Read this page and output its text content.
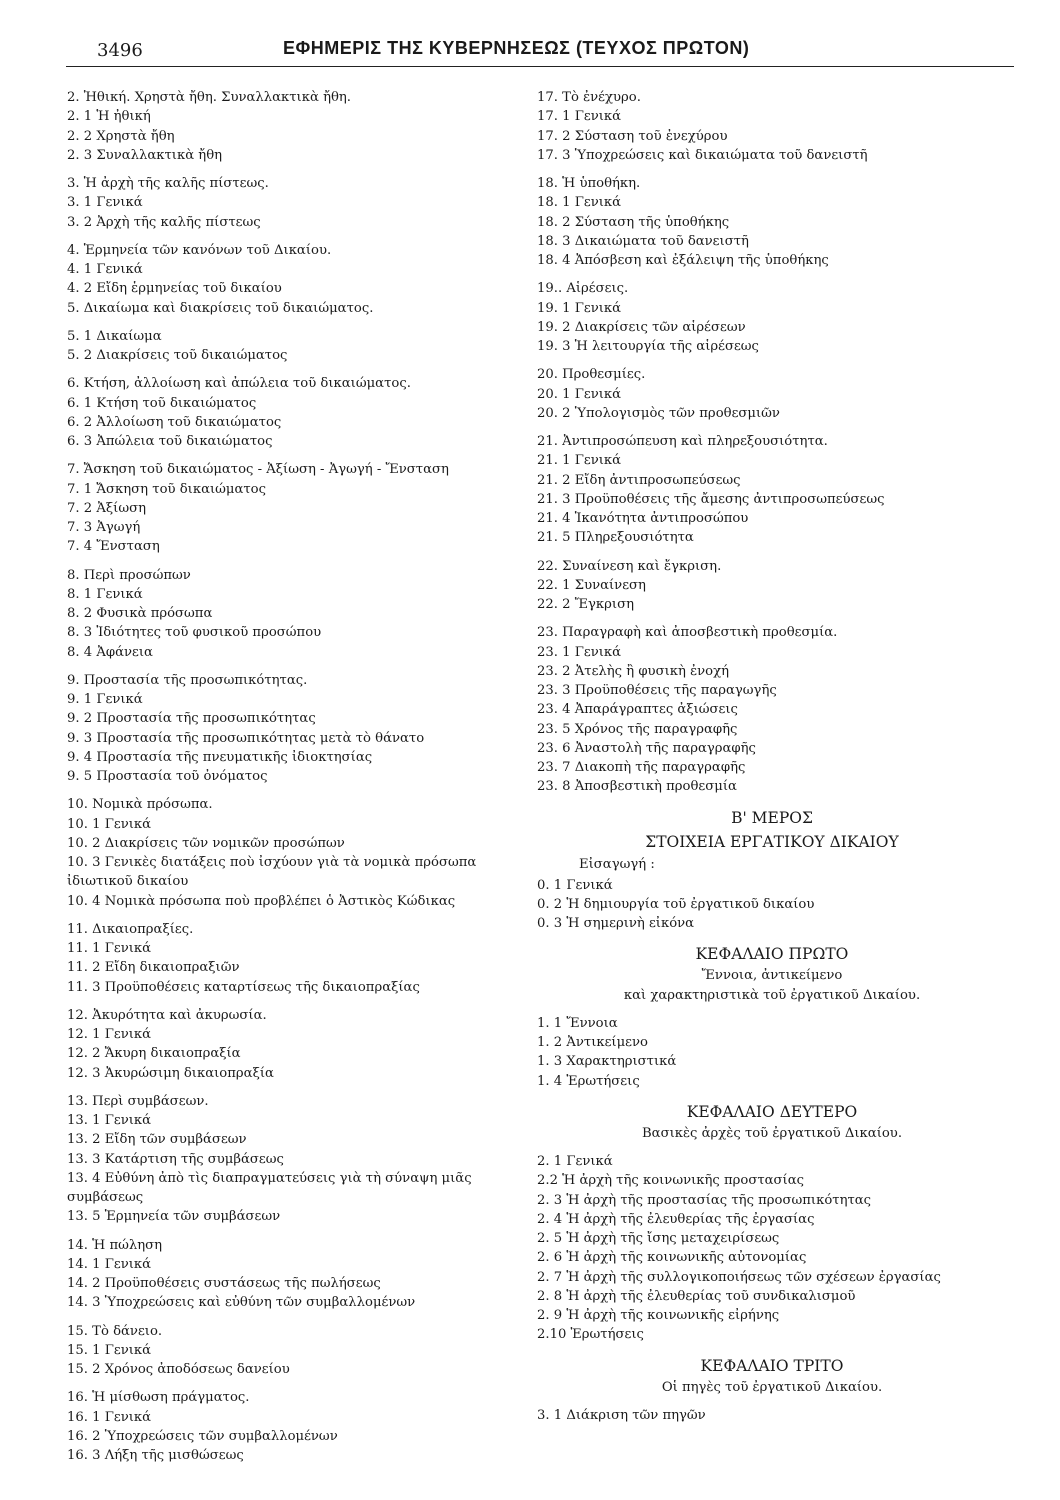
3496	ΕΦΗΜΕΡΙΣ ΤΗΣ ΚΥΒΕΡΝΗΣΕΩΣ (ΤΕΥΧΟΣ ΠΡΩΤΟΝ)
2. Ἠθική. Χρηστὰ ἤθη. Συναλλακτικὰ ἤθη.
2. 1 Ἡ ἠθική
2. 2 Χρηστὰ ἤθη
2. 3 Συναλλακτικὰ ἤθη
3. Ἡ ἀρχὴ τῆς καλῆς πίστεως.
3. 1 Γενικά
3. 2 Ἀρχὴ τῆς καλῆς πίστεως
4. Ἑρμηνεία τῶν κανόνων τοῦ Δικαίου.
4. 1 Γενικά
4. 2 Εἴδη ἑρμηνείας τοῦ δικαίου
5. Δικαίωμα καὶ διακρίσεις τοῦ δικαιώματος.
5. 1 Δικαίωμα
5. 2 Διακρίσεις τοῦ δικαιώματος
6. Κτήση, ἀλλοίωση καὶ ἀπώλεια τοῦ δικαιώματος.
6. 1 Κτήση τοῦ δικαιώματος
6. 2 Ἀλλοίωση τοῦ δικαιώματος
6. 3 Ἀπώλεια τοῦ δικαιώματος
7. Ἄσκηση τοῦ δικαιώματος - Ἀξίωση - Ἀγωγή - Ἔνσταση
7. 1 Ἄσκηση τοῦ δικαιώματος
7. 2 Ἀξίωση
7. 3 Ἀγωγή
7. 4 Ἔνσταση
8. Περὶ προσώπων
8. 1 Γενικά
8. 2 Φυσικὰ πρόσωπα
8. 3 Ἰδιότητες τοῦ φυσικοῦ προσώπου
8. 4 Ἀφάνεια
9. Προστασία τῆς προσωπικότητας.
9. 1 Γενικά
9. 2 Προστασία τῆς προσωπικότητας
9. 3 Προστασία τῆς προσωπικότητας μετὰ τὸ θάνατο
9. 4 Προστασία τῆς πνευματικῆς ἰδιοκτησίας
9. 5 Προστασία τοῦ ὀνόματος
10. Νομικὰ πρόσωπα.
10. 1 Γενικά
10. 2 Διακρίσεις τῶν νομικῶν προσώπων
10. 3 Γενικὲς διατάξεις ποὺ ἰσχύουν γιὰ τὰ νομικὰ πρόσωπα ἰδιωτικοῦ δικαίου
10. 4 Νομικὰ πρόσωπα ποὺ προβλέπει ὁ Ἀστικὸς Κώδικας
11. Δικαιοπραξίες.
11. 1 Γενικά
11. 2 Εἴδη δικαιοπραξιῶν
11. 3 Προϋποθέσεις καταρτίσεως τῆς δικαιοπραξίας
12. Ἀκυρότητα καὶ ἀκυρωσία.
12. 1 Γενικά
12. 2 Ἄκυρη δικαιοπραξία
12. 3 Ἀκυρώσιμη δικαιοπραξία
13. Περὶ συμβάσεων.
13. 1 Γενικά
13. 2 Εἴδη τῶν συμβάσεων
13. 3 Κατάρτιση τῆς συμβάσεως
13. 4 Εὐθύνη ἀπὸ τὶς διαπραγματεύσεις γιὰ τὴ σύναψη μιᾶς συμβάσεως
13. 5 Ἑρμηνεία τῶν συμβάσεων
14. Ἡ πώληση
14. 1 Γενικά
14. 2 Προϋποθέσεις συστάσεως τῆς πωλήσεως
14. 3 Ὑποχρεώσεις καὶ εὐθύνη τῶν συμβαλλομένων
15. Τὸ δάνειο.
15. 1 Γενικά
15. 2 Χρόνος ἀποδόσεως δανείου
16. Ἡ μίσθωση πράγματος.
16. 1 Γενικά
16. 2 Ὑποχρεώσεις τῶν συμβαλλομένων
16. 3 Λήξη τῆς μισθώσεως
17. Τὸ ἐνέχυρο.
17. 1 Γενικά
17. 2 Σύσταση τοῦ ἐνεχύρου
17. 3 Ὑποχρεώσεις καὶ δικαιώματα τοῦ δανειστῆ
18. Ἡ ὑποθήκη.
18. 1 Γενικά
18. 2 Σύσταση τῆς ὑποθήκης
18. 3 Δικαιώματα τοῦ δανειστῆ
18. 4 Ἀπόσβεση καὶ ἐξάλειψη τῆς ὑποθήκης
19.. Αἱρέσεις.
19. 1 Γενικά
19. 2 Διακρίσεις τῶν αἱρέσεων
19. 3 Ἡ λειτουργία τῆς αἱρέσεως
20. Προθεσμίες.
20. 1 Γενικά
20. 2 Ὑπολογισμὸς τῶν προθεσμιῶν
21. Ἀντιπροσώπευση καὶ πληρεξουσιότητα.
21. 1 Γενικά
21. 2 Εἴδη ἀντιπροσωπεύσεως
21. 3 Προϋποθέσεις τῆς ἄμεσης ἀντιπροσωπεύσεως
21. 4 Ἱκανότητα ἀντιπροσώπου
21. 5 Πληρεξουσιότητα
22. Συναίνεση καὶ ἔγκριση.
22. 1 Συναίνεση
22. 2 Ἔγκριση
23. Παραγραφὴ καὶ ἀποσβεστικὴ προθεσμία.
23. 1 Γενικά
23. 2 Ἀτελὴς ἢ φυσικὴ ἐνοχή
23. 3 Προϋποθέσεις τῆς παραγωγῆς
23. 4 Ἀπαράγραπτες ἀξιώσεις
23. 5 Χρόνος τῆς παραγραφῆς
23. 6 Ἀναστολὴ τῆς παραγραφῆς
23. 7 Διακοπὴ τῆς παραγραφῆς
23. 8 Ἀποσβεστικὴ προθεσμία
Β' ΜΕΡΟΣ
ΣΤΟΙΧΕΙΑ ΕΡΓΑΤΙΚΟΥ ΔΙΚΑΙΟΥ
Εἰσαγωγή :
0. 1 Γενικά
0. 2 Ἡ δημιουργία τοῦ ἐργατικοῦ δικαίου
0. 3 Ἡ σημερινὴ εἰκόνα
ΚΕΦΑΛΑΙΟ ΠΡΩΤΟ
Ἔννοια, ἀντικείμενο
καὶ χαρακτηριστικὰ τοῦ ἐργατικοῦ Δικαίου.
1. 1 Ἔννοια
1. 2 Ἀντικείμενο
1. 3 Χαρακτηριστικά
1. 4 Ἐρωτήσεις
ΚΕΦΑΛΑΙΟ ΔΕΥΤΕΡΟ
Βασικὲς ἀρχὲς τοῦ ἐργατικοῦ Δικαίου.
2. 1 Γενικά
2.2 Ἡ ἀρχὴ τῆς κοινωνικῆς προστασίας
2. 3 Ἡ ἀρχὴ τῆς προστασίας τῆς προσωπικότητας
2. 4 Ἡ ἀρχὴ τῆς ἐλευθερίας τῆς ἐργασίας
2. 5 Ἡ ἀρχὴ τῆς ἴσης μεταχειρίσεως
2. 6 Ἡ ἀρχὴ τῆς κοινωνικῆς αὐτονομίας
2. 7 Ἡ ἀρχὴ τῆς συλλογικοποιήσεως τῶν σχέσεων ἐργασίας
2. 8 Ἡ ἀρχὴ τῆς ἐλευθερίας τοῦ συνδικαλισμοῦ
2. 9 Ἡ ἀρχὴ τῆς κοινωνικῆς εἰρήνης
2.10 Ἐρωτήσεις
ΚΕΦΑΛΑΙΟ ΤΡΙΤΟ
Οἱ πηγὲς τοῦ ἐργατικοῦ Δικαίου.
3. 1 Διάκριση τῶν πηγῶν
